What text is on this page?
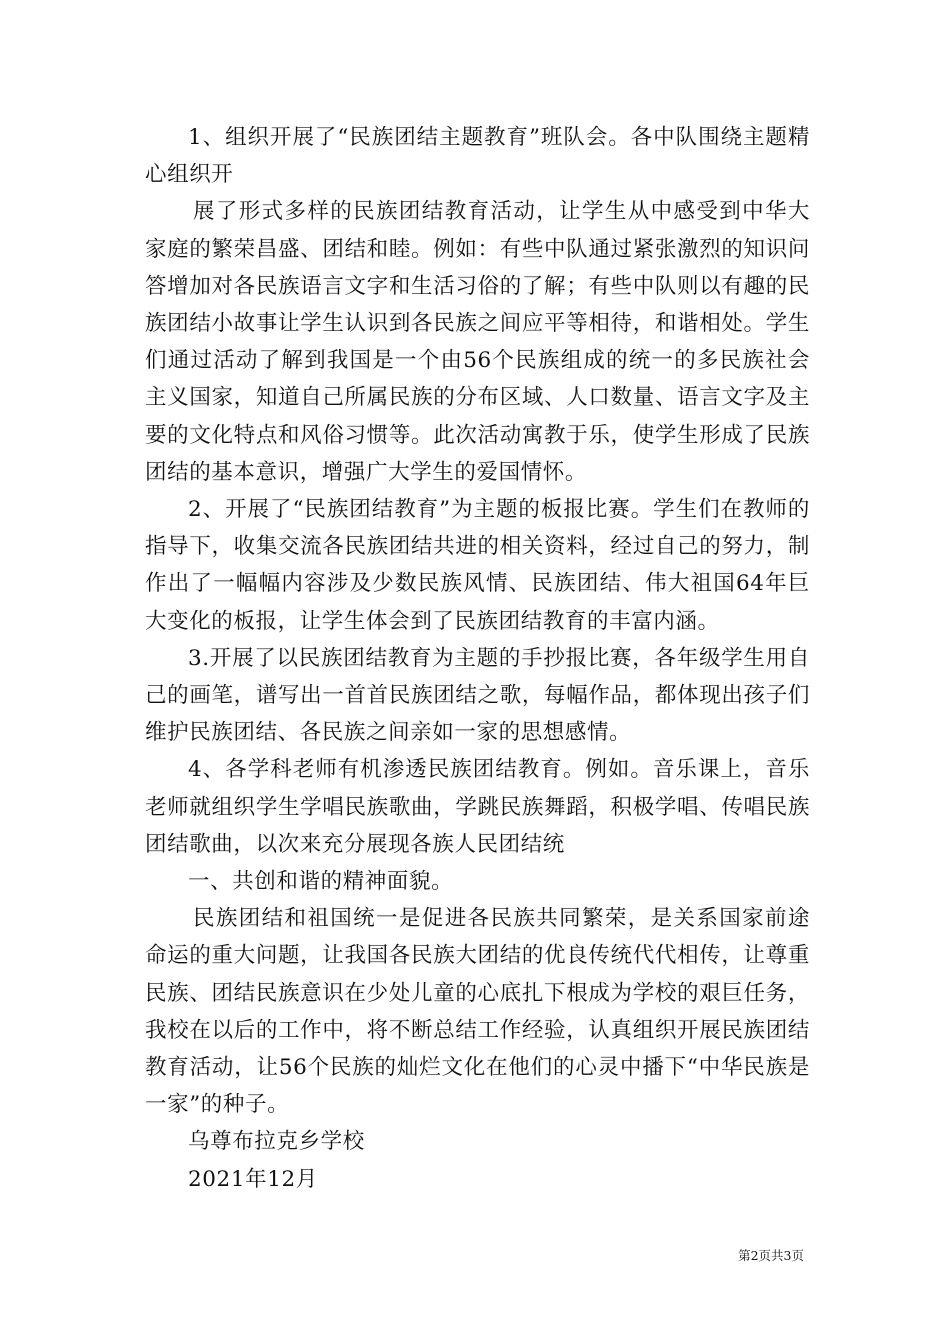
1、组织开展了“民族团结主题教育”班队会。各中队围绕主题精心组织开

展了形式多样的民族团结教育活动，让学生从中感受到中华大家庭的繁荣昌盛、团结和睦。例如：有些中队通过紧张激烈的知识问答增加对各民族语言文字和生活习俗的了解；有些中队则以有趣的民族团结小故事让学生认识到各民族之间应平等相待，和谐相处。学生们通过活动了解到我国是一个由56个民族组成的统一的多民族社会主义国家，知道自己所属民族的分布区域、人口数量、语言文字及主要的文化特点和风俗习惯等。此次活动寓教于乐，使学生形成了民族团结的基本意识，增强广大学生的爱国情怀。

2、开展了“民族团结教育”为主题的板报比赛。学生们在教师的指导下，收集交流各民族团结共进的相关资料，经过自己的努力，制作出了一幅幅内容涉及少数民族风情、民族团结、伟大祖国64年巨大变化的板报，让学生体会到了民族团结教育的丰富内涵。

3.开展了以民族团结教育为主题的手抄报比赛，各年级学生用自己的画笔，谱写出一首首民族团结之歌，每幅作品，都体现出孩子们维护民族团结、各民族之间亲如一家的思想感情。

4、各学科老师有机渗透民族团结教育。例如。音乐课上，音乐老师就组织学生学唱民族歌曲，学跳民族舞蹈，积极学唱、传唱民族团结歌曲，以次来充分展现各族人民团结统

一、共创和谐的精神面貌。

民族团结和祖国统一是促进各民族共同繁荣，是关系国家前途命运的重大问题，让我国各民族大团结的优良传统代代相传，让尊重民族、团结民族意识在少处儿童的心底扎下根成为学校的艰巨任务，我校在以后的工作中，将不断总结工作经验，认真组织开展民族团结教育活动，让56个民族的灿烂文化在他们的心灵中播下“中华民族是一家”的种子。

乌尊布拉克乡学校

2021年12月

第2页共3页
